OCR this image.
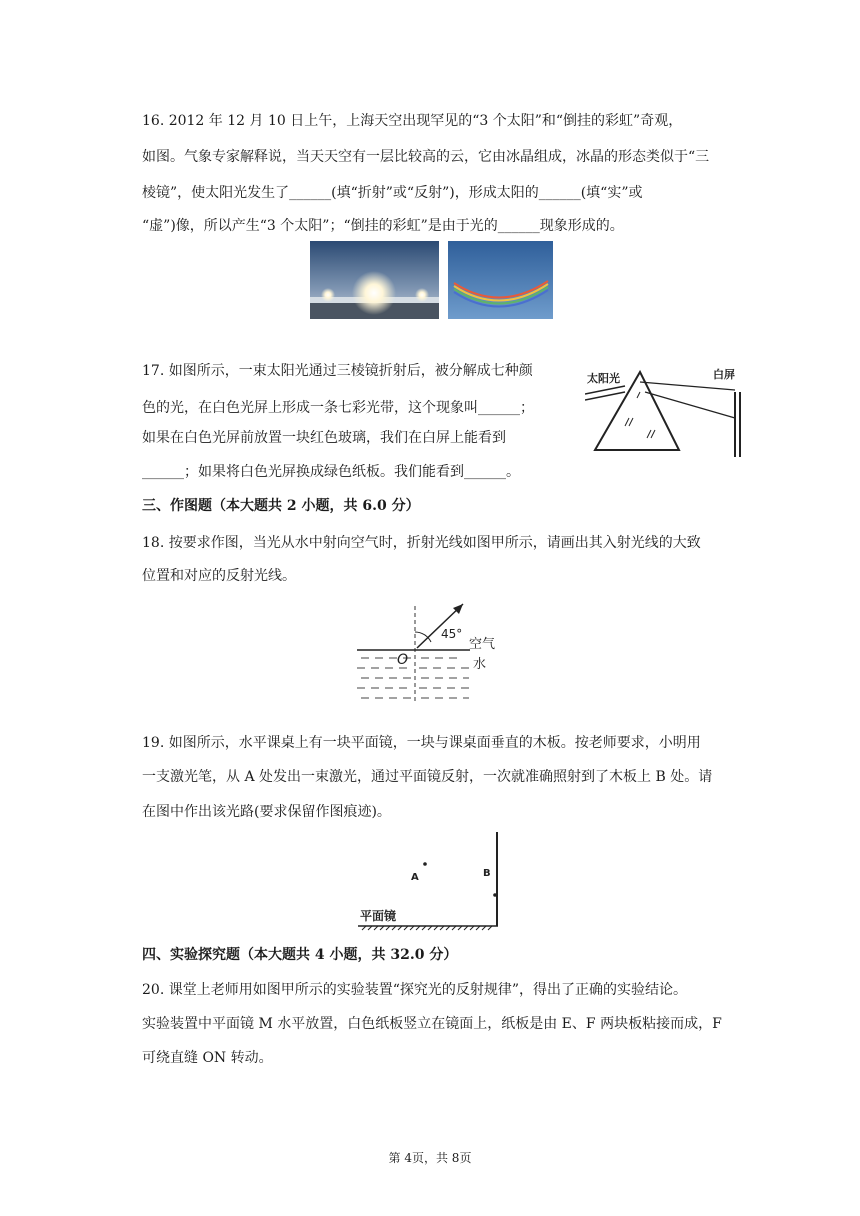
16. 2012 年 12 月 10 日上午，上海天空出现罕见的“3 个太阳”和“倒挂的彩虹”奇观，
如图。气象专家解释说，当天天空有一层比较高的云，它由冰晶组成，冰晶的形态类似于“三
棱镜”，使太阳光发生了______(填“折射”或“反射”)，形成太阳的______(填“实”或
“虚”)像，所以产生“3 个太阳”；“倒挂的彩虹”是由于光的______现象形成的。
17. 如图所示，一束太阳光通过三棱镜折射后，被分解成七种颜
色的光，在白色光屏上形成一条七彩光带，这个现象叫______；
如果在白色光屏前放置一块红色玻璃，我们在白屏上能看到
______；如果将白色光屏换成绿色纸板。我们能看到______。
太阳光	白屏
三、作图题（本大题共 2 小题，共 6.0 分）
18. 按要求作图，当光从水中射向空气时，折射光线如图甲所示，请画出其入射光线的大致
位置和对应的反射光线。
45°
空气
水
O
19. 如图所示，水平课桌上有一块平面镜，一块与课桌面垂直的木板。按老师要求，小明用
一支激光笔，从 A 处发出一束激光，通过平面镜反射，一次就准确照射到了木板上 B 处。请
在图中作出该光路(要求保留作图痕迹)。
A	B
平面镜
四、实验探究题（本大题共 4 小题，共 32.0 分）
20. 课堂上老师用如图甲所示的实验装置“探究光的反射规律”，得出了正确的实验结论。
实验装置中平面镜 M 水平放置，白色纸板竖立在镜面上，纸板是由 E、F 两块板粘接而成，F
可绕直缝 ON 转动。
第 4页，共 8页
